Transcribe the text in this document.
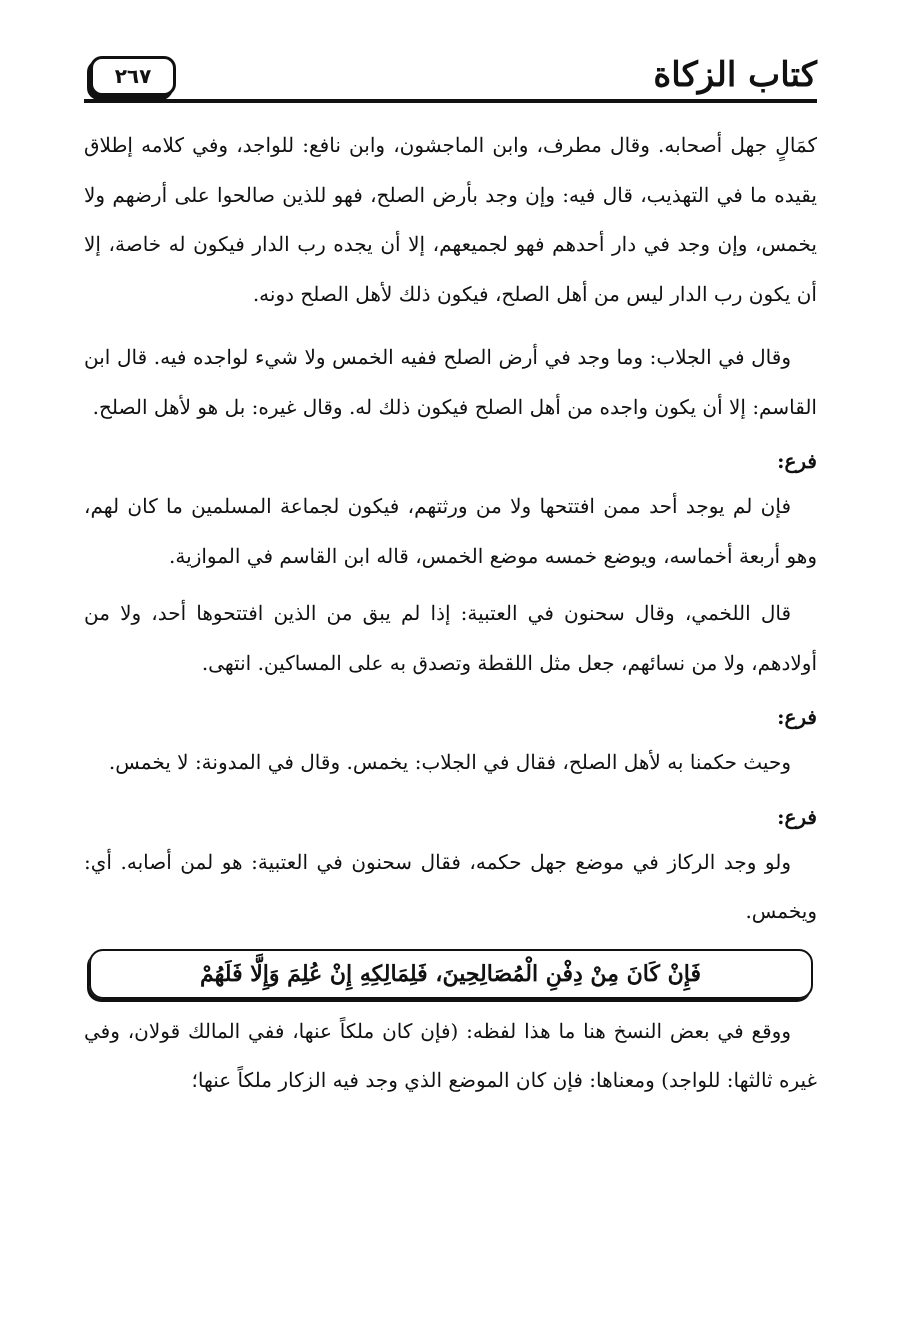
كتاب الزكاة
٢٦٧

كمَالٍ جهل أصحابه. وقال مطرف، وابن الماجشون، وابن نافع: للواجد، وفي كلامه إطلاق يقيده ما في التهذيب، قال فيه: وإن وجد بأرض الصلح، فهو للذين صالحوا على أرضهم ولا يخمس، وإن وجد في دار أحدهم فهو لجميعهم، إلا أن يجده رب الدار فيكون له خاصة، إلا أن يكون رب الدار ليس من أهل الصلح، فيكون ذلك لأهل الصلح دونه.

وقال في الجلاب: وما وجد في أرض الصلح ففيه الخمس ولا شيء لواجده فيه. قال ابن القاسم: إلا أن يكون واجده من أهل الصلح فيكون ذلك له. وقال غيره: بل هو لأهل الصلح.

فرع:

فإن لم يوجد أحد ممن افتتحها ولا من ورثتهم، فيكون لجماعة المسلمين ما كان لهم، وهو أربعة أخماسه، ويوضع خمسه موضع الخمس، قاله ابن القاسم في الموازية.

قال اللخمي، وقال سحنون في العتبية: إذا لم يبق من الذين افتتحوها أحد، ولا من أولادهم، ولا من نسائهم، جعل مثل اللقطة وتصدق به على المساكين. انتهى.

فرع:

وحيث حكمنا به لأهل الصلح، فقال في الجلاب: يخمس. وقال في المدونة: لا يخمس.

فرع:

ولو وجد الركاز في موضع جهل حكمه، فقال سحنون في العتبية: هو لمن أصابه. أي: ويخمس.

فَإِنْ كَانَ مِنْ دِفْنِ الْمُصَالِحِينَ، فَلِمَالِكِهِ إِنْ عُلِمَ وَإِلَّا فَلَهُمْ

ووقع في بعض النسخ هنا ما هذا لفظه: (فإن كان ملكاً عنها، ففي المالك قولان، وفي غيره ثالثها: للواجد) ومعناها: فإن كان الموضع الذي وجد فيه الزكار ملكاً عنها؛
